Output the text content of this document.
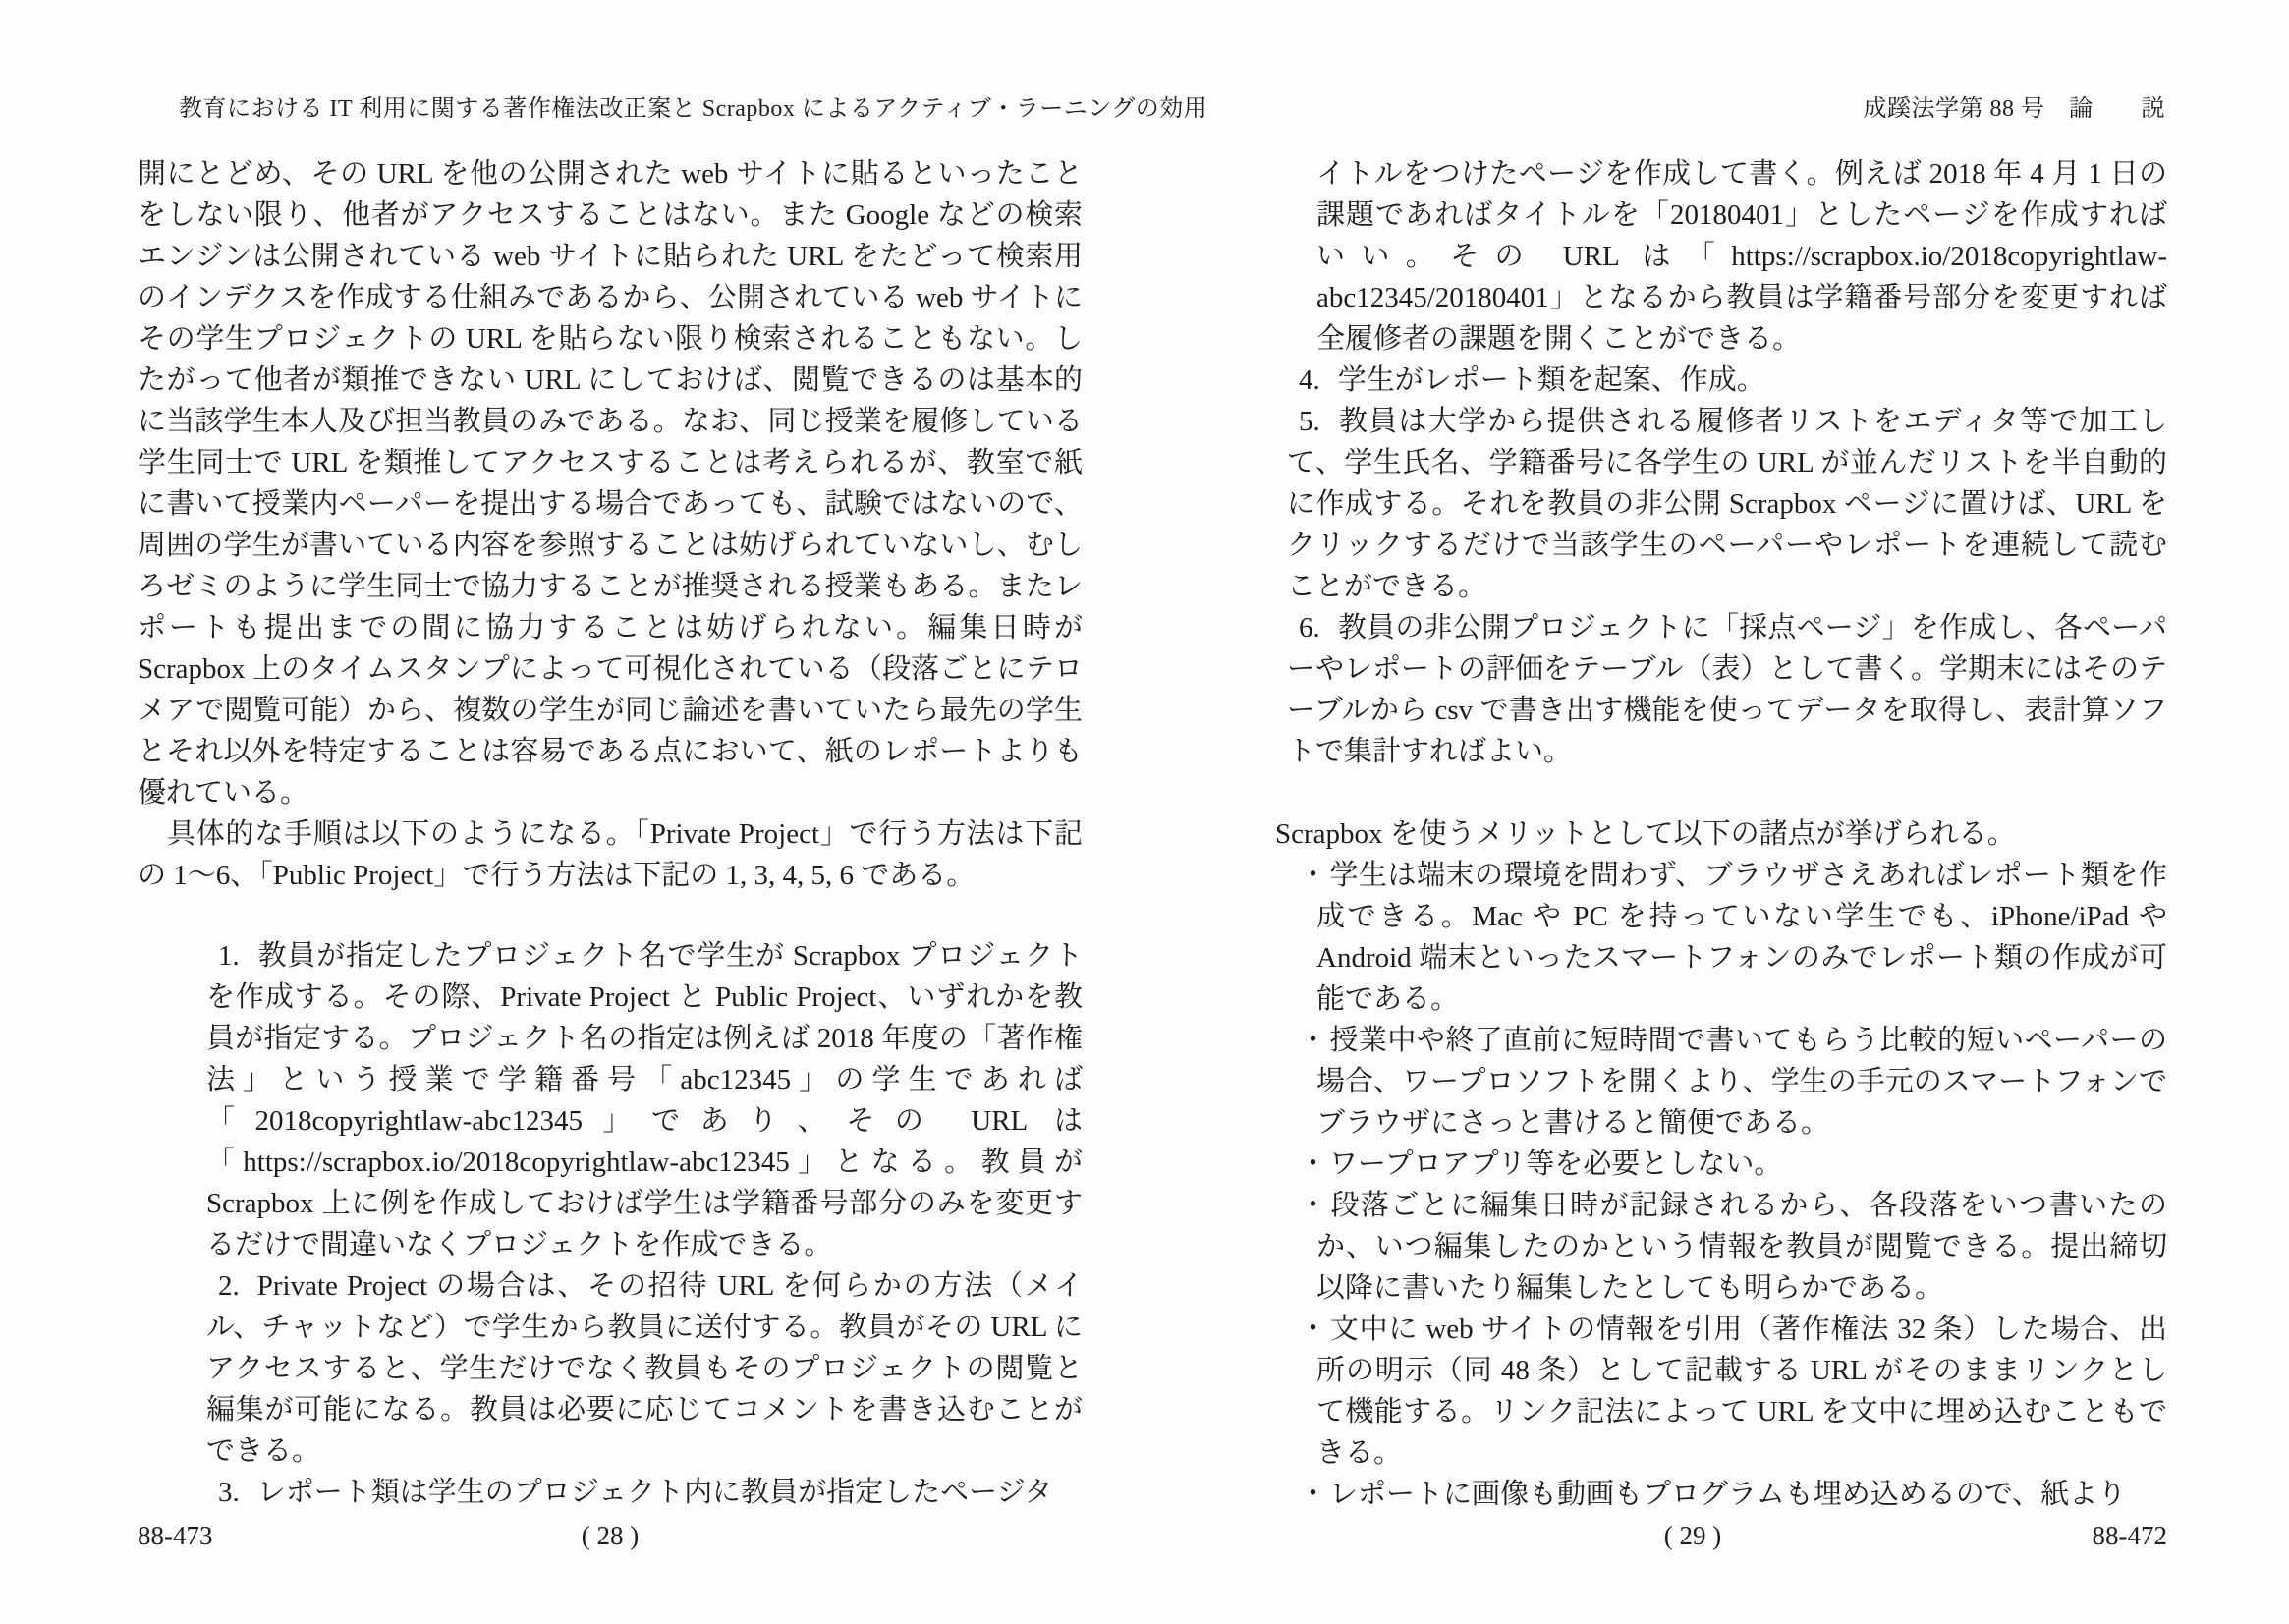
教育における IT 利用に関する著作権法改正案と Scrapbox によるアクティブ・ラーニングの効用

開にとどめ、その URL を他の公開された web サイトに貼るといったことをしない限り、他者がアクセスすることはない。また Google などの検索エンジンは公開されている web サイトに貼られた URL をたどって検索用のインデクスを作成する仕組みであるから、公開されている web サイトにその学生プロジェクトの URL を貼らない限り検索されることもない。したがって他者が類推できない URL にしておけば、閲覧できるのは基本的に当該学生本人及び担当教員のみである。なお、同じ授業を履修している学生同士で URL を類推してアクセスすることは考えられるが、教室で紙に書いて授業内ペーパーを提出する場合であっても、試験ではないので、周囲の学生が書いている内容を参照することは妨げられていないし、むしろゼミのように学生同士で協力することが推奨される授業もある。またレポートも提出までの間に協力することは妨げられない。編集日時が Scrapbox 上のタイムスタンプによって可視化されている（段落ごとにテロメアで閲覧可能）から、複数の学生が同じ論述を書いていたら最先の学生とそれ以外を特定することは容易である点において、紙のレポートよりも優れている。

具体的な手順は以下のようになる。「Private Project」で行う方法は下記の 1～6、「Public Project」で行う方法は下記の 1, 3, 4, 5, 6 である。

1. 教員が指定したプロジェクト名で学生が Scrapbox プロジェクトを作成する。その際、Private Project と Public Project、いずれかを教員が指定する。プロジェクト名の指定は例えば 2018 年度の「著作権法」という授業で学籍番号「abc12345」の学生であれば「2018copyrightlaw-abc12345」であり、その URL は「https://scrapbox.io/2018copyrightlaw-abc12345」となる。教員が Scrapbox 上に例を作成しておけば学生は学籍番号部分のみを変更するだけで間違いなくプロジェクトを作成できる。
2. Private Project の場合は、その招待 URL を何らかの方法（メイル、チャットなど）で学生から教員に送付する。教員がその URL にアクセスすると、学生だけでなく教員もそのプロジェクトの閲覧と編集が可能になる。教員は必要に応じてコメントを書き込むことができる。
3. レポート類は学生のプロジェクト内に教員が指定したページタ
88-473	( 28 )
成蹊法学第 88 号　論　　説
イトルをつけたページを作成して書く。例えば 2018 年 4 月 1 日の課題であればタイトルを「20180401」としたページを作成すればいい。その URL は「https://scrapbox.io/2018copyrightlaw-abc12345/20180401」となるから教員は学籍番号部分を変更すれば全履修者の課題を開くことができる。
4. 学生がレポート類を起案、作成。
5. 教員は大学から提供される履修者リストをエディタ等で加工して、学生氏名、学籍番号に各学生の URL が並んだリストを半自動的に作成する。それを教員の非公開 Scrapbox ページに置けば、URL をクリックするだけで当該学生のペーパーやレポートを連続して読むことができる。
6. 教員の非公開プロジェクトに「採点ページ」を作成し、各ペーパーやレポートの評価をテーブル（表）として書く。学期末にはそのテーブルから csv で書き出す機能を使ってデータを取得し、表計算ソフトで集計すればよい。

Scrapbox を使うメリットとして以下の諸点が挙げられる。

・学生は端末の環境を問わず、ブラウザさえあればレポート類を作成できる。Mac や PC を持っていない学生でも、iPhone/iPad や Android 端末といったスマートフォンのみでレポート類の作成が可能である。
・授業中や終了直前に短時間で書いてもらう比較的短いペーパーの場合、ワープロソフトを開くより、学生の手元のスマートフォンでブラウザにさっと書けると簡便である。
・ワープロアプリ等を必要としない。
・段落ごとに編集日時が記録されるから、各段落をいつ書いたのか、いつ編集したのかという情報を教員が閲覧できる。提出締切以降に書いたり編集したとしても明らかである。
・文中に web サイトの情報を引用（著作権法 32 条）した場合、出所の明示（同 48 条）として記載する URL がそのままリンクとして機能する。リンク記法によって URL を文中に埋め込むこともできる。
・レポートに画像も動画もプログラムも埋め込めるので、紙より
( 29 )	88-472
